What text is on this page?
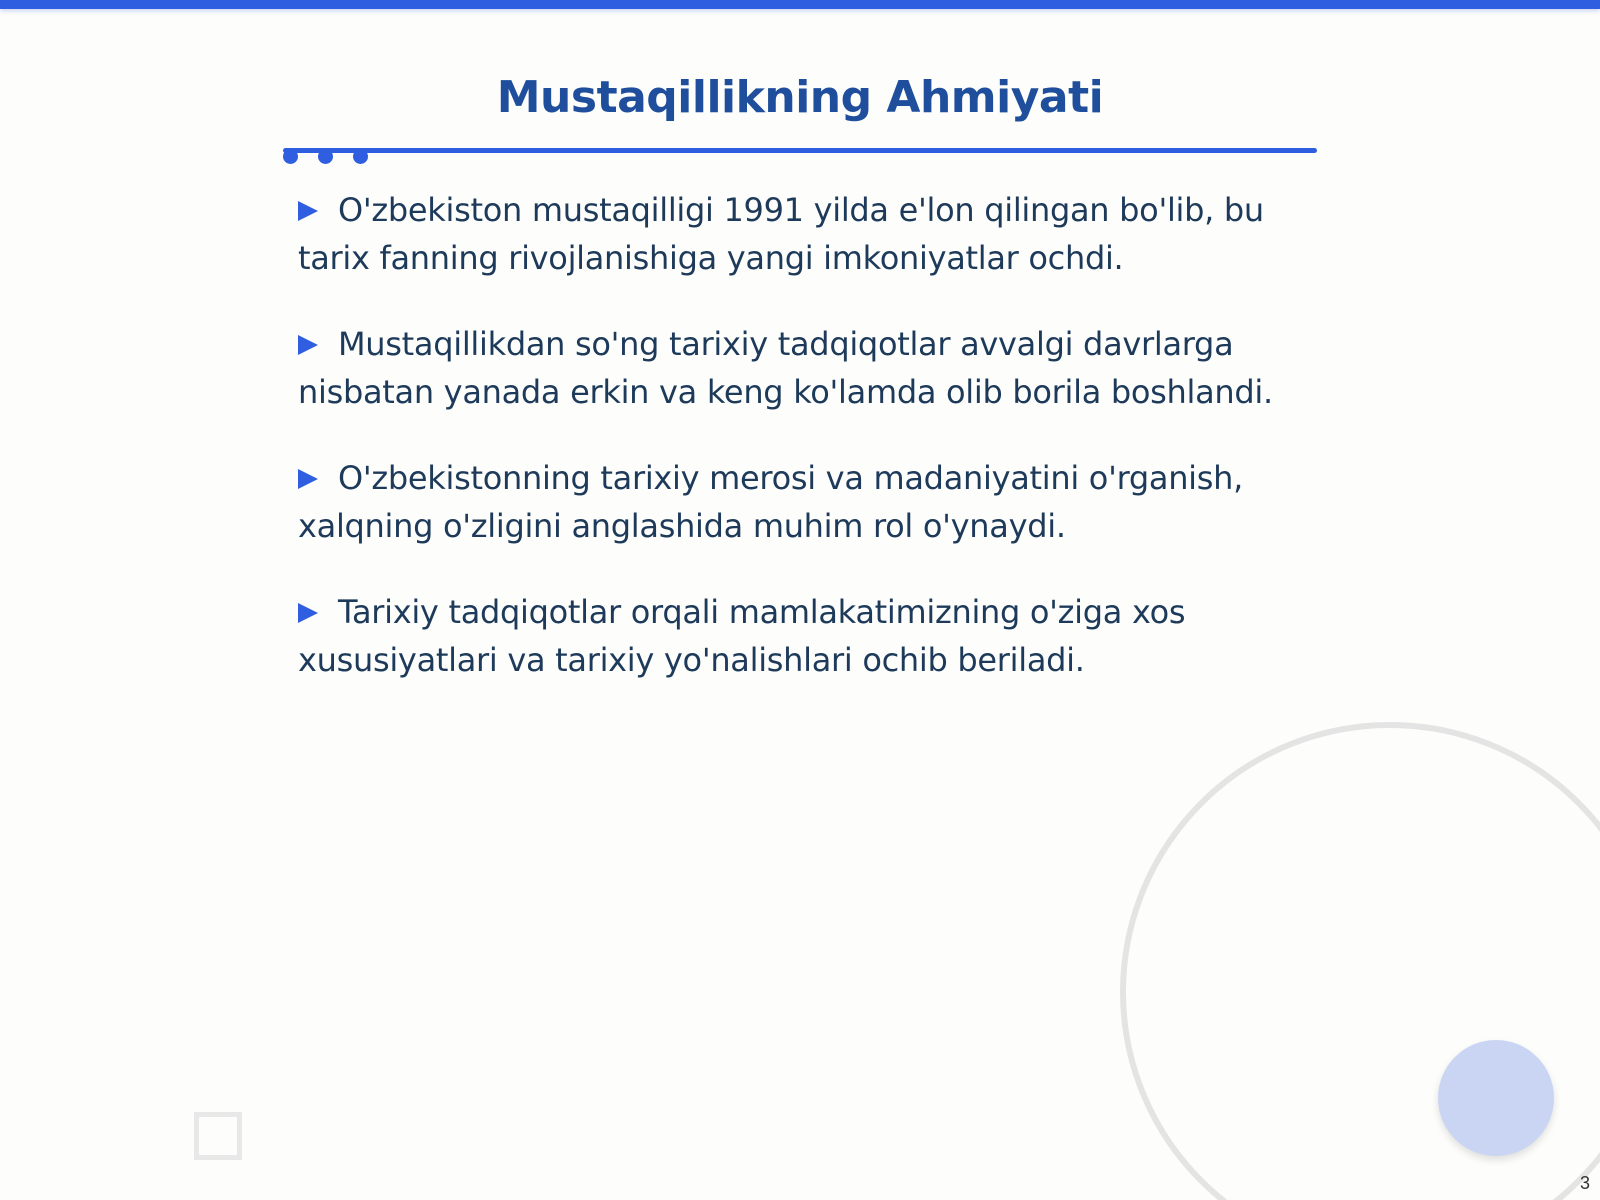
Mustaqillikning Ahmiyati
O'zbekiston mustaqilligi 1991 yilda e'lon qilingan bo'lib, bu tarix fanning rivojlanishiga yangi imkoniyatlar ochdi.
Mustaqillikdan so'ng tarixiy tadqiqotlar avvalgi davrlarga nisbatan yanada erkin va keng ko'lamda olib borila boshlandi.
O'zbekistonning tarixiy merosi va madaniyatini o'rganish, xalqning o'zligini anglashida muhim rol o'ynaydi.
Tarixiy tadqiqotlar orqali mamlakatimizning o'ziga xos xususiyatlari va tarixiy yo'nalishlari ochib beriladi.
3
